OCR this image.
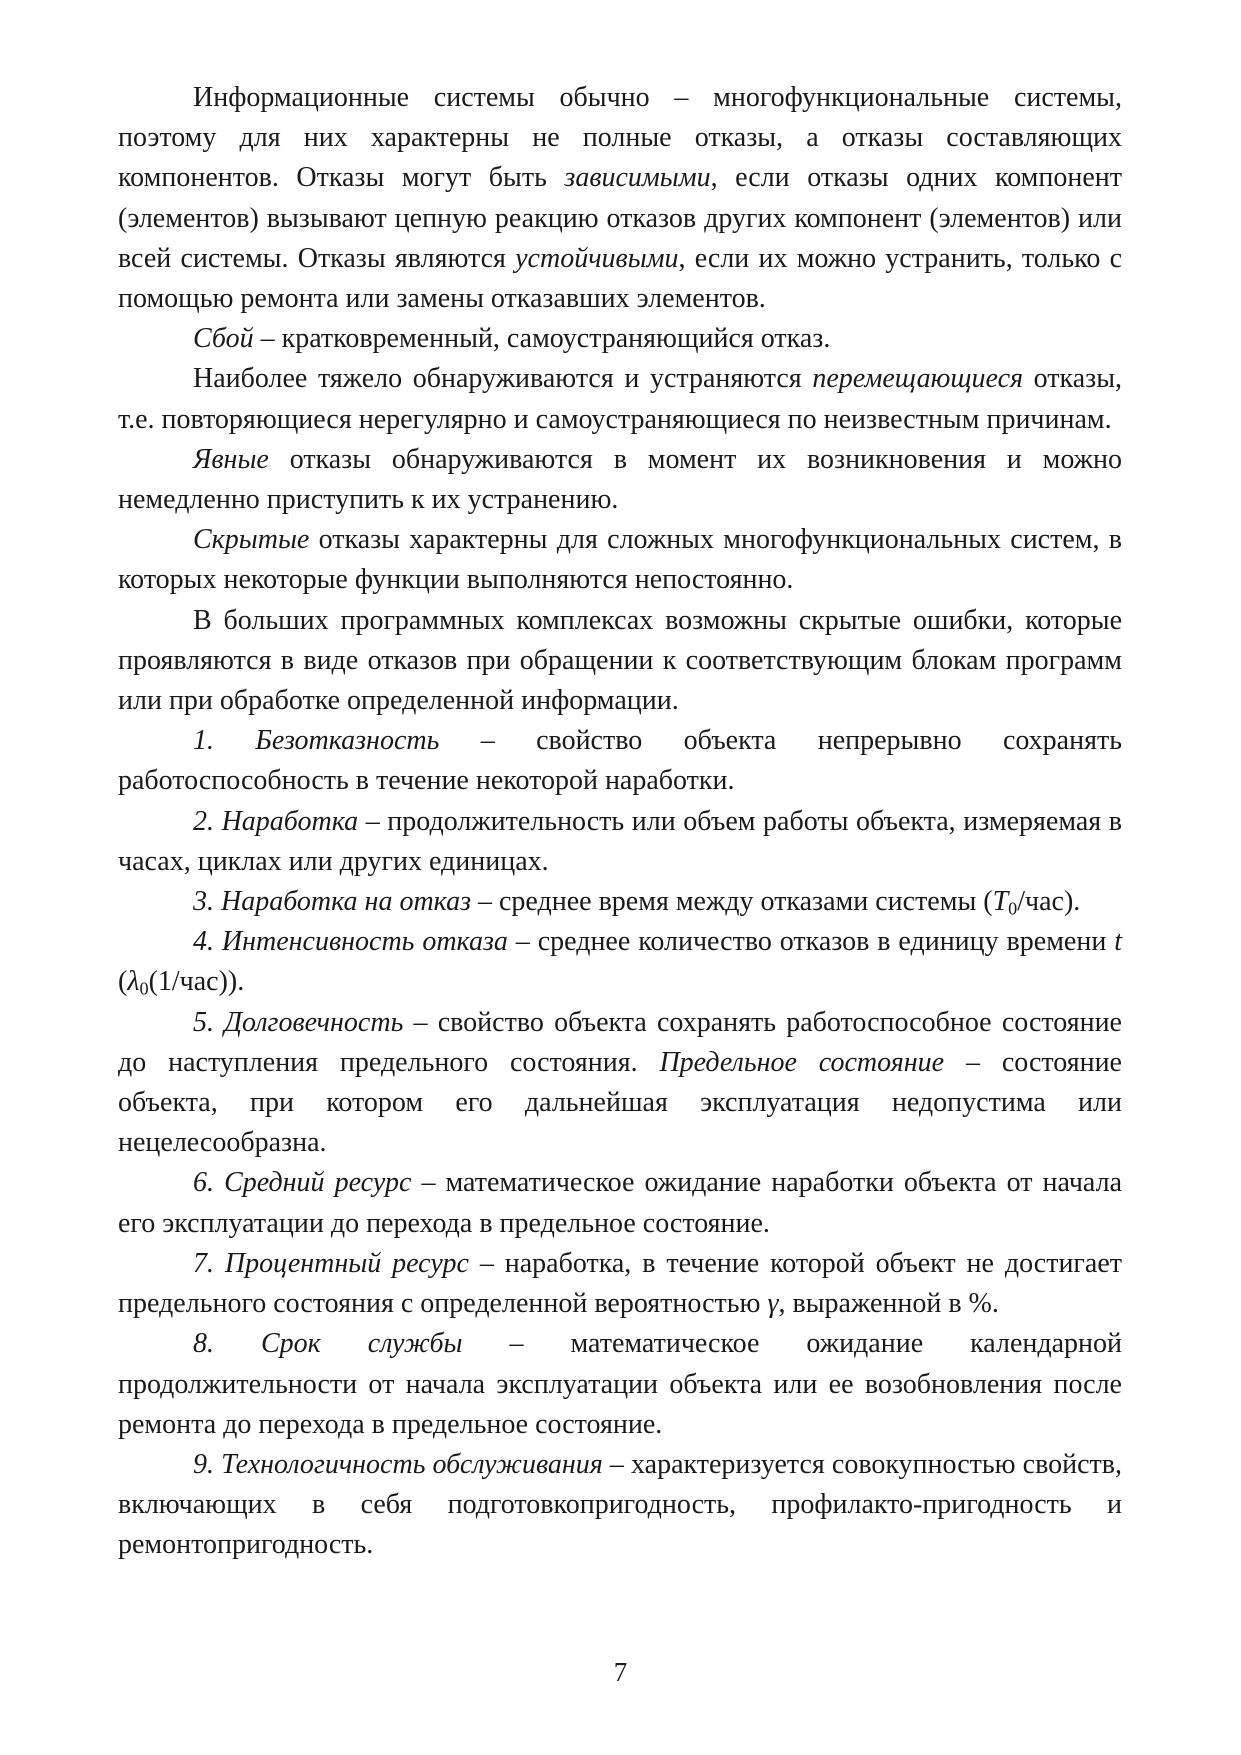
Информационные системы обычно – многофункциональные системы, поэтому для них характерны не полные отказы, а отказы составляющих компонентов. Отказы могут быть зависимыми, если отказы одних компонент (элементов) вызывают цепную реакцию отказов других компонент (элементов) или всей системы. Отказы являются устойчивыми, если их можно устранить, только с помощью ремонта или замены отказавших элементов.

Сбой – кратковременный, самоустраняющийся отказ.

Наиболее тяжело обнаруживаются и устраняются перемещающиеся отказы, т.е. повторяющиеся нерегулярно и самоустраняющиеся по неизвестным причинам.

Явные отказы обнаруживаются в момент их возникновения и можно немедленно приступить к их устранению.

Скрытые отказы характерны для сложных многофункциональных систем, в которых некоторые функции выполняются непостоянно.

В больших программных комплексах возможны скрытые ошибки, которые проявляются в виде отказов при обращении к соответствующим блокам программ или при обработке определенной информации.

1. Безотказность – свойство объекта непрерывно сохранять работоспособность в течение некоторой наработки.

2. Наработка – продолжительность или объем работы объекта, измеряемая в часах, циклах или других единицах.

3. Наработка на отказ – среднее время между отказами системы $(T_0/час)$.

4. Интенсивность отказа – среднее количество отказов в единицу времени t $(\lambda_0(1/час))$.

5. Долговечность – свойство объекта сохранять работоспособное состояние до наступления предельного состояния. Предельное состояние – состояние объекта, при котором его дальнейшая эксплуатация недопустима или нецелесообразна.

6. Средний ресурс – математическое ожидание наработки объекта от начала его эксплуатации до перехода в предельное состояние.

7. Процентный ресурс – наработка, в течение которой объект не достигает предельного состояния с определенной вероятностью γ, выраженной в %.

8. Срок службы – математическое ожидание календарной продолжительности от начала эксплуатации объекта или ее возобновления после ремонта до перехода в предельное состояние.

9. Технологичность обслуживания – характеризуется совокупностью свойств, включающих в себя подготовкопригодность, профилакто-пригодность и ремонтопригодность.

7
